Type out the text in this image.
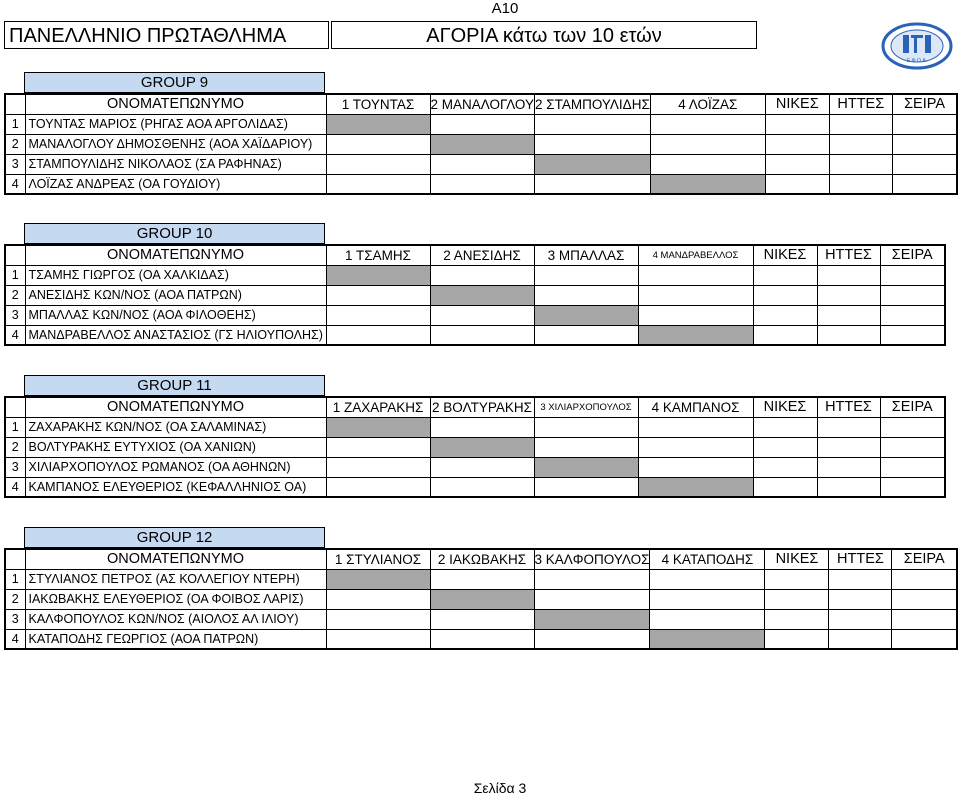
A10
ΠΑΝΕΛΛΗΝΙΟ ΠΡΩΤΑΘΛΗΜΑ	ΑΓΟΡΙΑ κάτω των 10 ετών
Ε.Φ.Ο.Α.
GROUP 9
	ΟΝΟΜΑΤΕΠΩΝΥΜΟ	1 ΤΟΥΝΤΑΣ	2 ΜΑΝΑΛΟΓΛΟΥ	2 ΣΤΑΜΠΟΥΛΙΔΗΣ	4 ΛΟΪΖΑΣ	ΝΙΚΕΣ	ΗΤΤΕΣ	ΣΕΙΡΑ
1	ΤΟΥΝΤΑΣ ΜΑΡΙΟΣ (ΡΗΓΑΣ ΑΟΑ ΑΡΓΟΛΙΔΑΣ)							
2	ΜΑΝΑΛΟΓΛΟΥ ΔΗΜΟΣΘΕΝΗΣ (ΑΟΑ ΧΑΪΔΑΡΙΟΥ)							
3	ΣΤΑΜΠΟΥΛΙΔΗΣ ΝΙΚΟΛΑΟΣ (ΣΑ ΡΑΦΗΝΑΣ)							
4	ΛΟΪΖΑΣ ΑΝΔΡΕΑΣ (ΟΑ ΓΟΥΔΙΟΥ)							
GROUP 10
	ΟΝΟΜΑΤΕΠΩΝΥΜΟ	1 ΤΣΑΜΗΣ	2 ΑΝΕΣΙΔΗΣ	3 ΜΠΑΛΛΑΣ	4 ΜΑΝΔΡΑΒΕΛΛΟΣ	ΝΙΚΕΣ	ΗΤΤΕΣ	ΣΕΙΡΑ
1	ΤΣΑΜΗΣ ΓΙΩΡΓΟΣ (ΟΑ ΧΑΛΚΙΔΑΣ)							
2	ΑΝΕΣΙΔΗΣ ΚΩΝ/ΝΟΣ (ΑΟΑ ΠΑΤΡΩΝ)							
3	ΜΠΑΛΛΑΣ ΚΩΝ/ΝΟΣ (ΑΟΑ ΦΙΛΟΘΕΗΣ)							
4	ΜΑΝΔΡΑΒΕΛΛΟΣ ΑΝΑΣΤΑΣΙΟΣ (ΓΣ ΗΛΙΟΥΠΟΛΗΣ)							
GROUP 11
	ΟΝΟΜΑΤΕΠΩΝΥΜΟ	1 ΖΑΧΑΡΑΚΗΣ	2 ΒΟΛΤΥΡΑΚΗΣ	3 ΧΙΛΙΑΡΧΟΠΟΥΛΟΣ	4 ΚΑΜΠΑΝΟΣ	ΝΙΚΕΣ	ΗΤΤΕΣ	ΣΕΙΡΑ
1	ΖΑΧΑΡΑΚΗΣ ΚΩΝ/ΝΟΣ (ΟΑ ΣΑΛΑΜΙΝΑΣ)							
2	ΒΟΛΤΥΡΑΚΗΣ ΕΥΤΥΧΙΟΣ (ΟΑ ΧΑΝΙΩΝ)							
3	ΧΙΛΙΑΡΧΟΠΟΥΛΟΣ ΡΩΜΑΝΟΣ (ΟΑ ΑΘΗΝΩΝ)							
4	ΚΑΜΠΑΝΟΣ ΕΛΕΥΘΕΡΙΟΣ (ΚΕΦΑΛΛΗΝΙΟΣ ΟΑ)							
GROUP 12
	ΟΝΟΜΑΤΕΠΩΝΥΜΟ	1 ΣΤΥΛΙΑΝΟΣ	2 ΙΑΚΩΒΑΚΗΣ	3 ΚΑΛΦΟΠΟΥΛΟΣ	4 ΚΑΤΑΠΟΔΗΣ	ΝΙΚΕΣ	ΗΤΤΕΣ	ΣΕΙΡΑ
1	ΣΤΥΛΙΑΝΟΣ ΠΕΤΡΟΣ (ΑΣ ΚΟΛΛΕΓΙΟΥ ΝΤΕΡΗ)							
2	ΙΑΚΩΒΑΚΗΣ ΕΛΕΥΘΕΡΙΟΣ (ΟΑ ΦΟΙΒΟΣ ΛΑΡΙΣ)							
3	ΚΑΛΦΟΠΟΥΛΟΣ ΚΩΝ/ΝΟΣ (ΑΙΟΛΟΣ ΑΛ ΙΛΙΟΥ)							
4	ΚΑΤΑΠΟΔΗΣ ΓΕΩΡΓΙΟΣ (ΑΟΑ ΠΑΤΡΩΝ)							
Σελίδα 3
